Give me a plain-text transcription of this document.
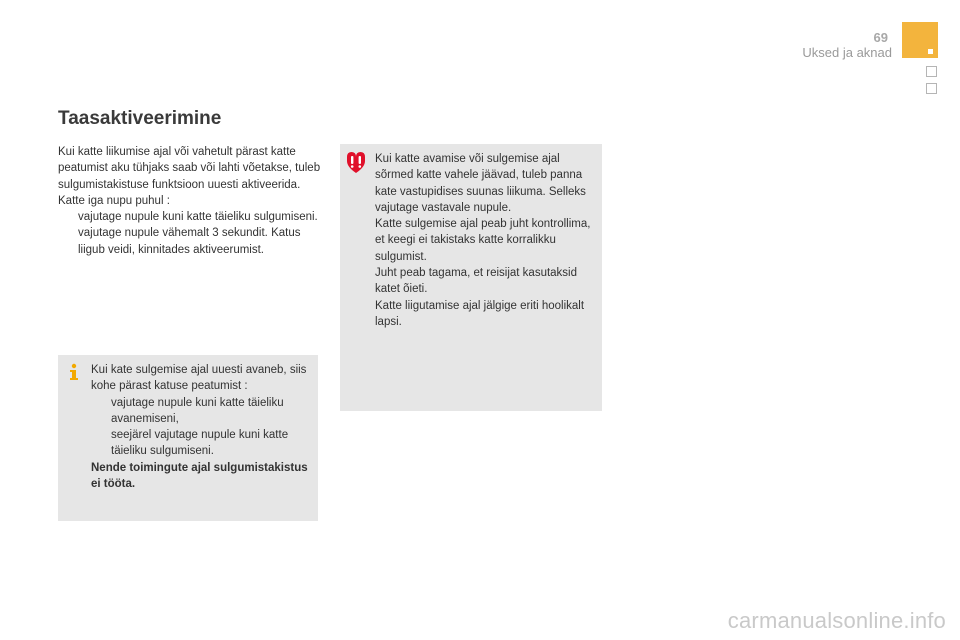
69
Uksed ja aknad
Taasaktiveerimine

Kui katte liikumise ajal või vahetult pärast katte peatumist aku tühjaks saab või lahti võetakse, tuleb sulgumistakistuse funktsioon uuesti aktiveerida.

Katte iga nupu puhul :

vajutage nupule kuni katte täieliku sulgumiseni.
vajutage nupule vähemalt 3 sekundit. Katus liigub veidi, kinnitades aktiveerumist.

Kui kate sulgemise ajal uuesti avaneb, siis kohe pärast katuse peatumist :

vajutage nupule kuni katte täieliku avanemiseni,
seejärel vajutage nupule kuni katte täieliku sulgumiseni.

Nende toimingute ajal sulgumistakistus ei tööta.

Kui katte avamise või sulgemise ajal sõrmed katte vahele jäävad, tuleb panna kate vastupidises suunas liikuma. Selleks vajutage vastavale nupule.

Katte sulgemise ajal peab juht kontrollima, et keegi ei takistaks katte korralikku sulgumist.

Juht peab tagama, et reisijat kasutaksid katet õieti.

Katte liigutamise ajal jälgige eriti hoolikalt lapsi.

carmanualsonline.info
